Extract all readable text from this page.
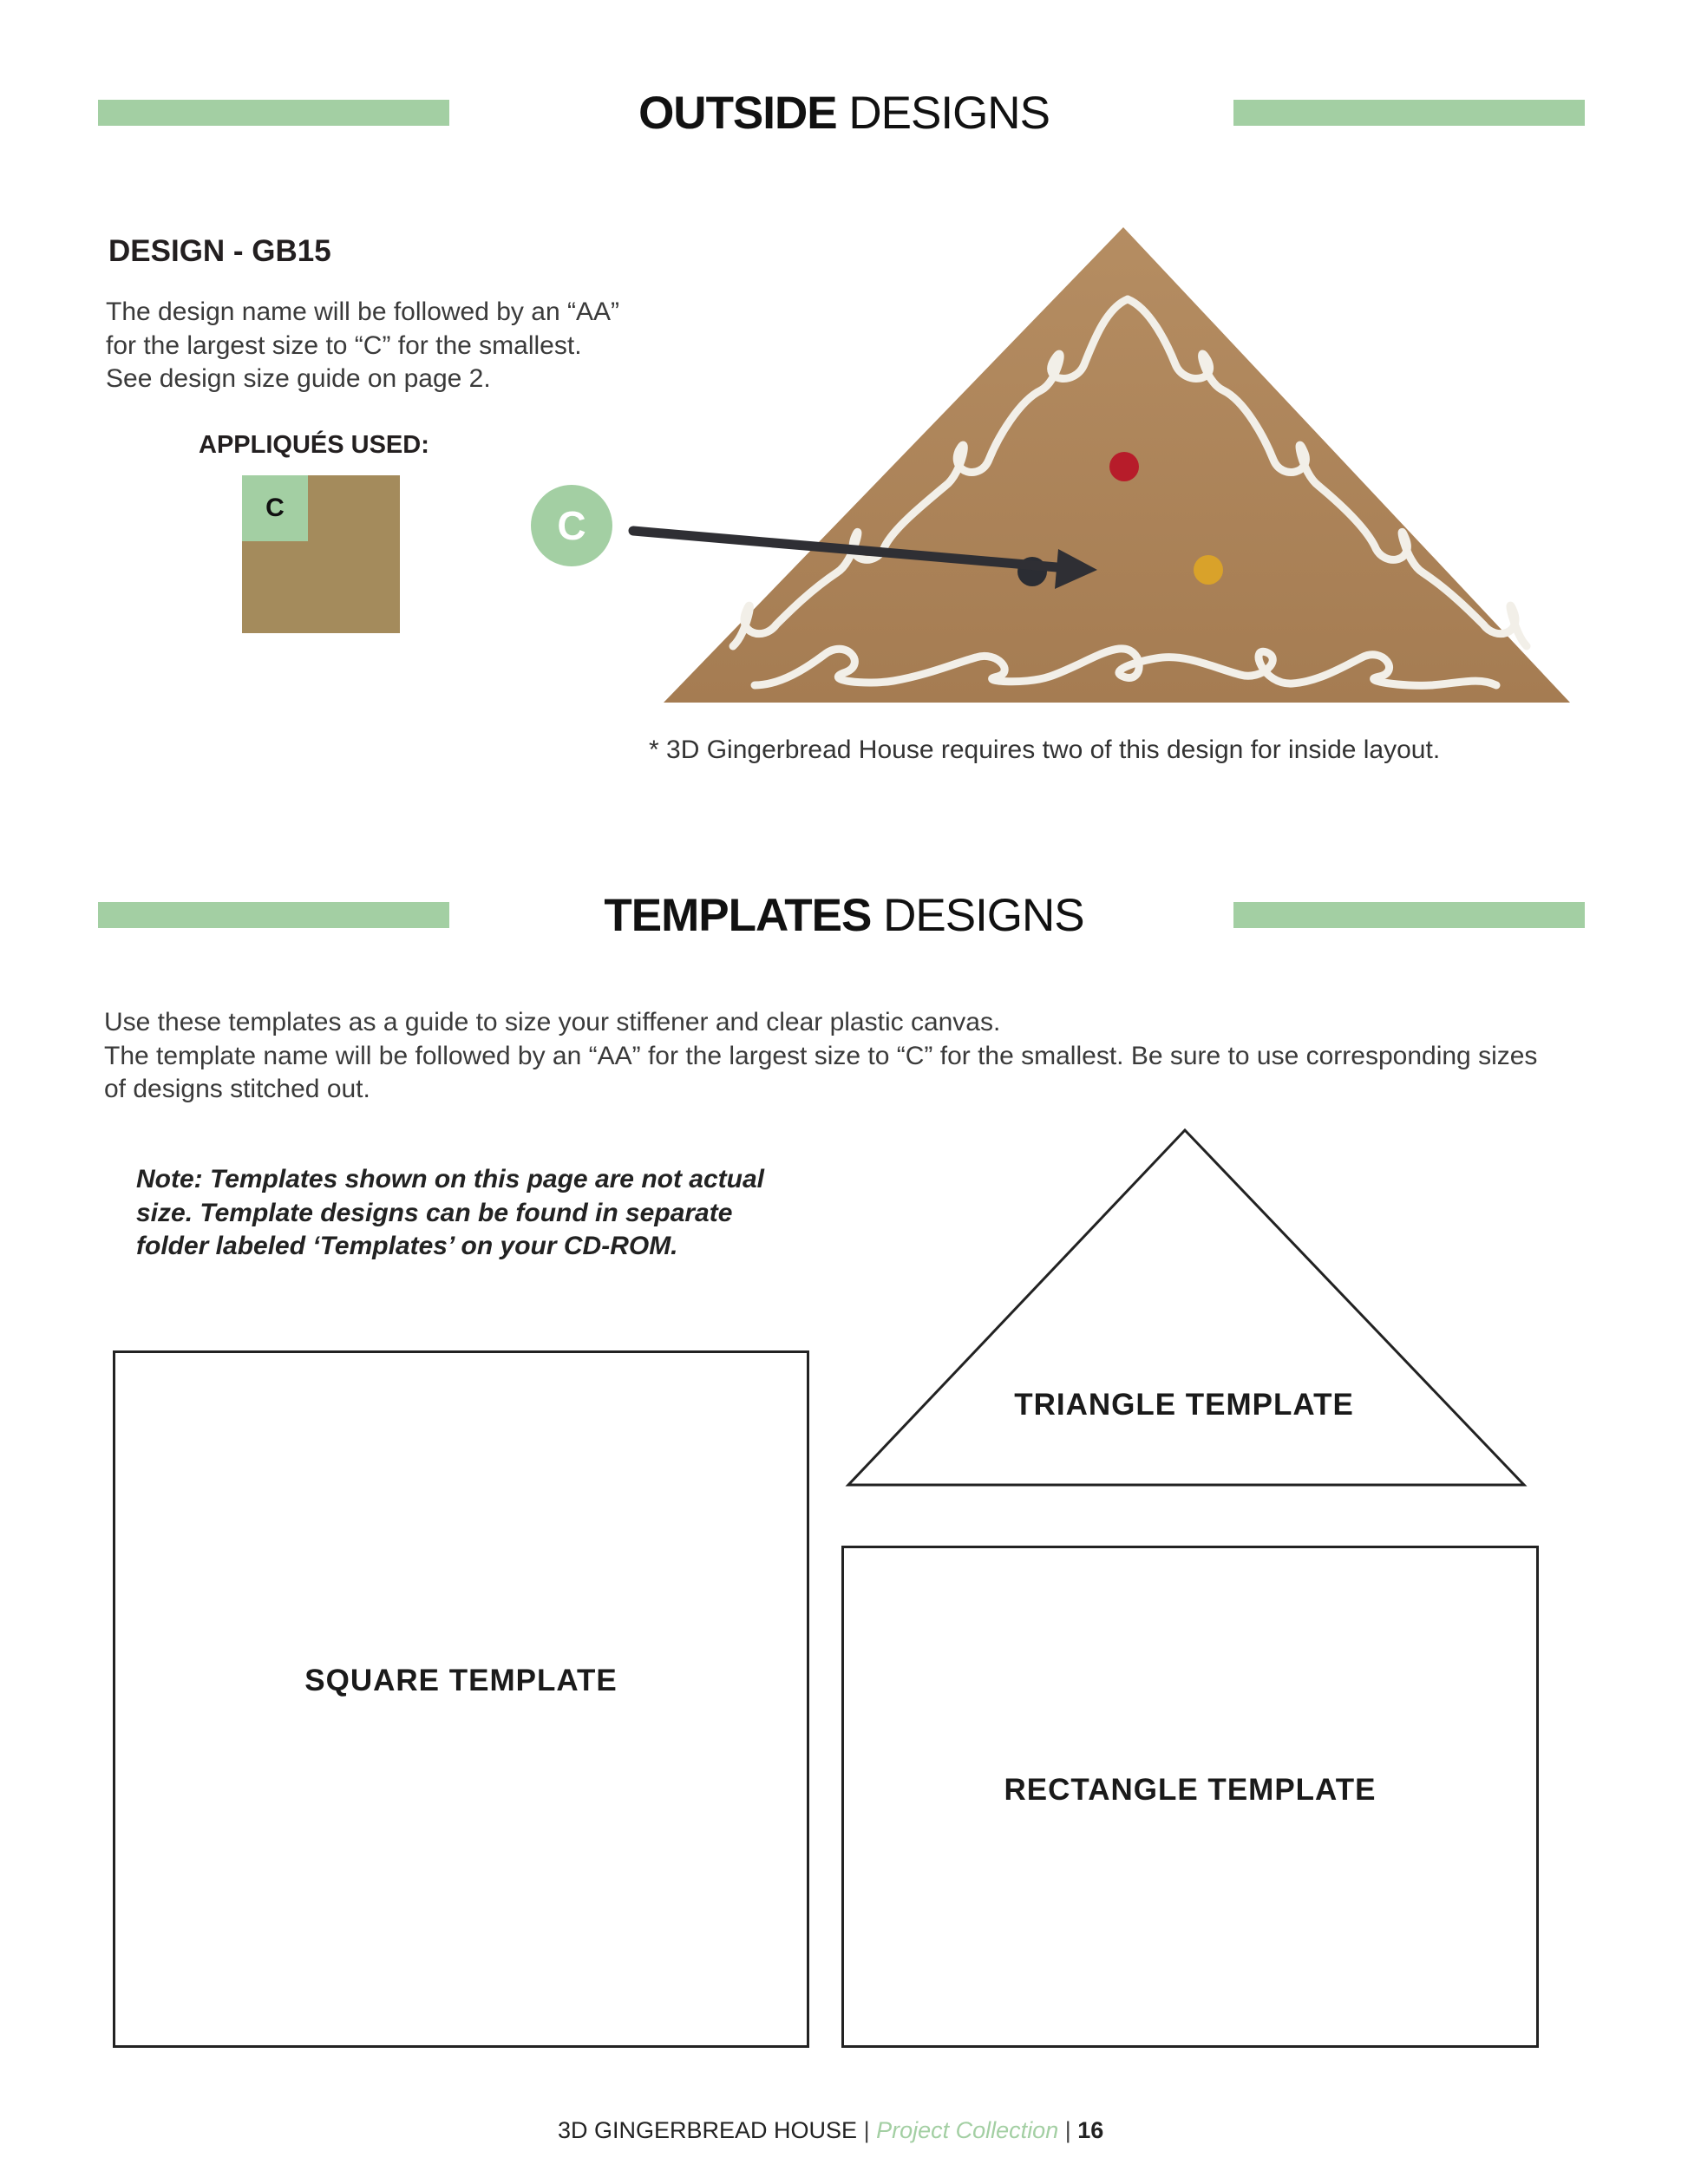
OUTSIDE DESIGNS
DESIGN - GB15
The design name will be followed by an “AA”
for the largest size to “C” for the smallest.
See design size guide on page 2.
APPLIQUÉS USED:
C	C
* 3D Gingerbread House requires two of this design for inside layout.
TEMPLATES DESIGNS
Use these templates as a guide to size your stiffener and clear plastic canvas.
The template name will be followed by an “AA” for the largest size to “C” for the smallest. Be sure to use corresponding sizes
of designs stitched out.
Note: Templates shown on this page are not actual
size. Template designs can be found in separate
folder labeled ‘Templates’ on your CD-ROM.
TRIANGLE TEMPLATE
SQUARE TEMPLATE
RECTANGLE TEMPLATE
3D GINGERBREAD HOUSE | Project Collection | 16
